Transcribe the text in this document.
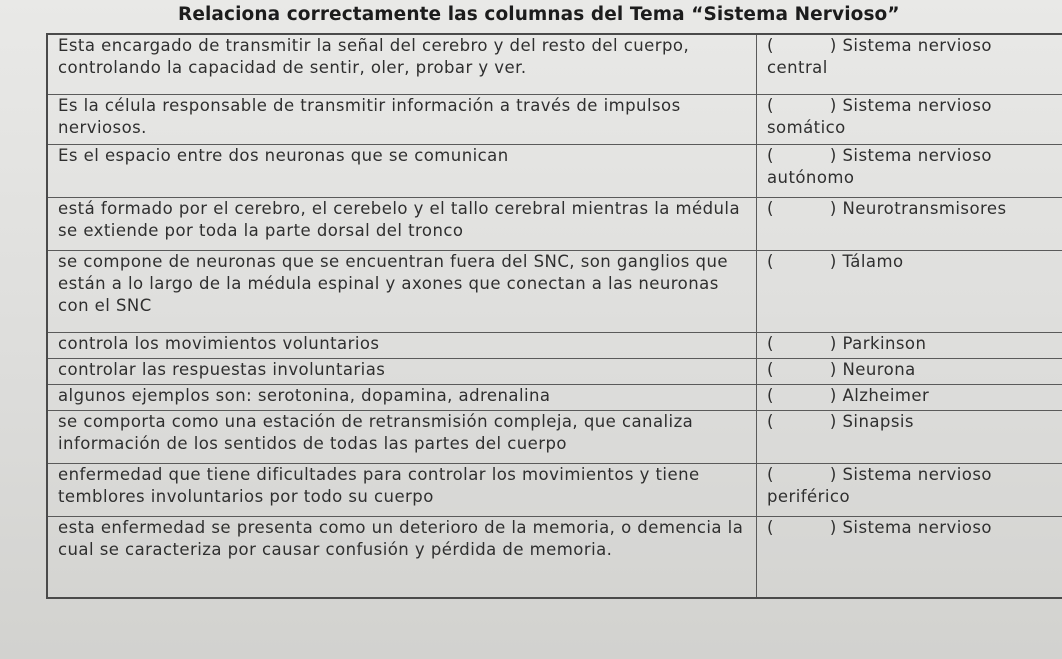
Relaciona correctamente las columnas del Tema “Sistema Nervioso”
Esta encargado de transmitir la señal del cerebro y del resto del cuerpo, controlando la capacidad de sentir, oler, probar y ver.	( ) Sistema nervioso central
Es la célula responsable de transmitir información a través de impulsos nerviosos.	( ) Sistema nervioso somático
Es el espacio entre dos neuronas que se comunican	( ) Sistema nervioso autónomo
está formado por el cerebro, el cerebelo y el tallo cerebral mientras la médula se extiende por toda la parte dorsal del tronco	( ) Neurotransmisores
se compone de neuronas que se encuentran fuera del SNC, son ganglios que están a lo largo de la médula espinal y axones que conectan a las neuronas con el SNC	( ) Tálamo
controla los movimientos voluntarios	( ) Parkinson
controlar las respuestas involuntarias	( ) Neurona
algunos ejemplos son: serotonina, dopamina, adrenalina	( ) Alzheimer
se comporta como una estación de retransmisión compleja, que canaliza información de los sentidos de todas las partes del cuerpo	( ) Sinapsis
enfermedad que tiene dificultades para controlar los movimientos y tiene temblores involuntarios por todo su cuerpo	( ) Sistema nervioso periférico
esta enfermedad se presenta como un deterioro de la memoria, o demencia la cual se caracteriza por causar confusión y pérdida de memoria.	( ) Sistema nervioso
